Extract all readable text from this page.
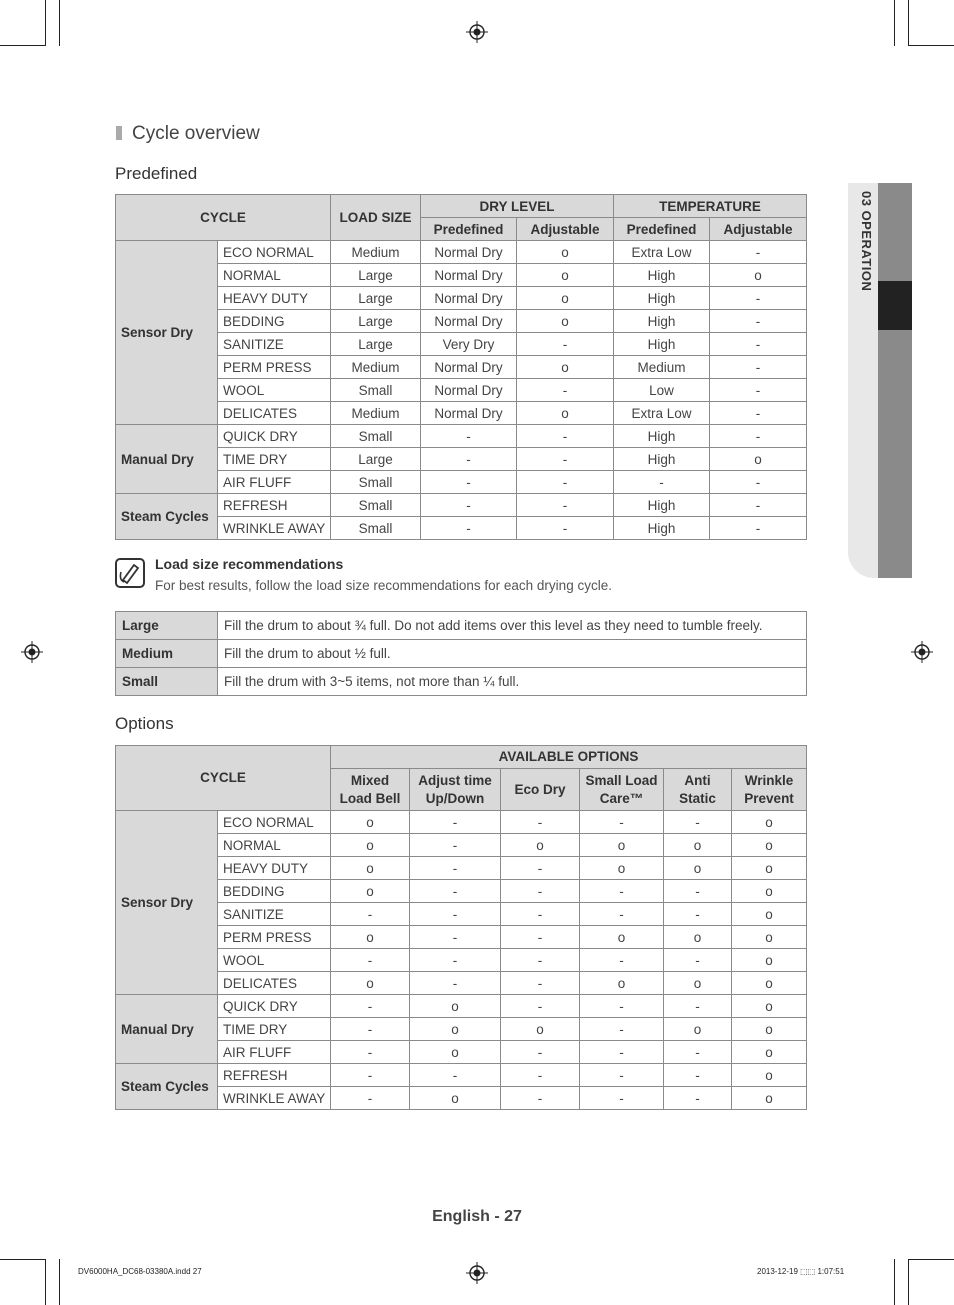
03 OPERATION
Cycle overview
Predefined
CYCLE		LOAD SIZE	DRY LEVEL		TEMPERATURE	
			Predefined	Adjustable	Predefined	Adjustable
Sensor Dry	ECO NORMAL	Medium	Normal Dry	o	Extra Low	-
	NORMAL	Large	Normal Dry	o	High	o
	HEAVY DUTY	Large	Normal Dry	o	High	-
	BEDDING	Large	Normal Dry	o	High	-
	SANITIZE	Large	Very Dry	-	High	-
	PERM PRESS	Medium	Normal Dry	o	Medium	-
	WOOL	Small	Normal Dry	-	Low	-
	DELICATES	Medium	Normal Dry	o	Extra Low	-
Manual Dry	QUICK DRY	Small	-	-	High	-
	TIME DRY	Large	-	-	High	o
	AIR FLUFF	Small	-	-	-	-
Steam Cycles	REFRESH	Small	-	-	High	-
	WRINKLE AWAY	Small	-	-	High	-
Load size recommendations
For best results, follow the load size recommendations for each drying cycle.
Large	Fill the drum to about ¾ full. Do not add items over this level as they need to tumble freely.
Medium	Fill the drum to about ½ full.
Small	Fill the drum with 3~5 items, not more than ¼ full.
Options
CYCLE		AVAILABLE OPTIONS					
		Mixed Load Bell	Adjust time Up/Down	Eco Dry	Small Load Care™	Anti Static	Wrinkle Prevent
Sensor Dry	ECO NORMAL	o	-	-	-	-	o
	NORMAL	o	-	o	o	o	o
	HEAVY DUTY	o	-	-	o	o	o
	BEDDING	o	-	-	-	-	o
	SANITIZE	-	-	-	-	-	o
	PERM PRESS	o	-	-	o	o	o
	WOOL	-	-	-	-	-	o
	DELICATES	o	-	-	o	o	o
Manual Dry	QUICK DRY	-	o	-	-	-	o
	TIME DRY	-	o	o	-	o	o
	AIR FLUFF	-	o	-	-	-	o
Steam Cycles	REFRESH	-	-	-	-	-	o
	WRINKLE AWAY	-	o	-	-	-	o
English - 27
DV6000HA_DC68-03380A.indd 27	2013-12-19 ⬚⬚ 1:07:51
